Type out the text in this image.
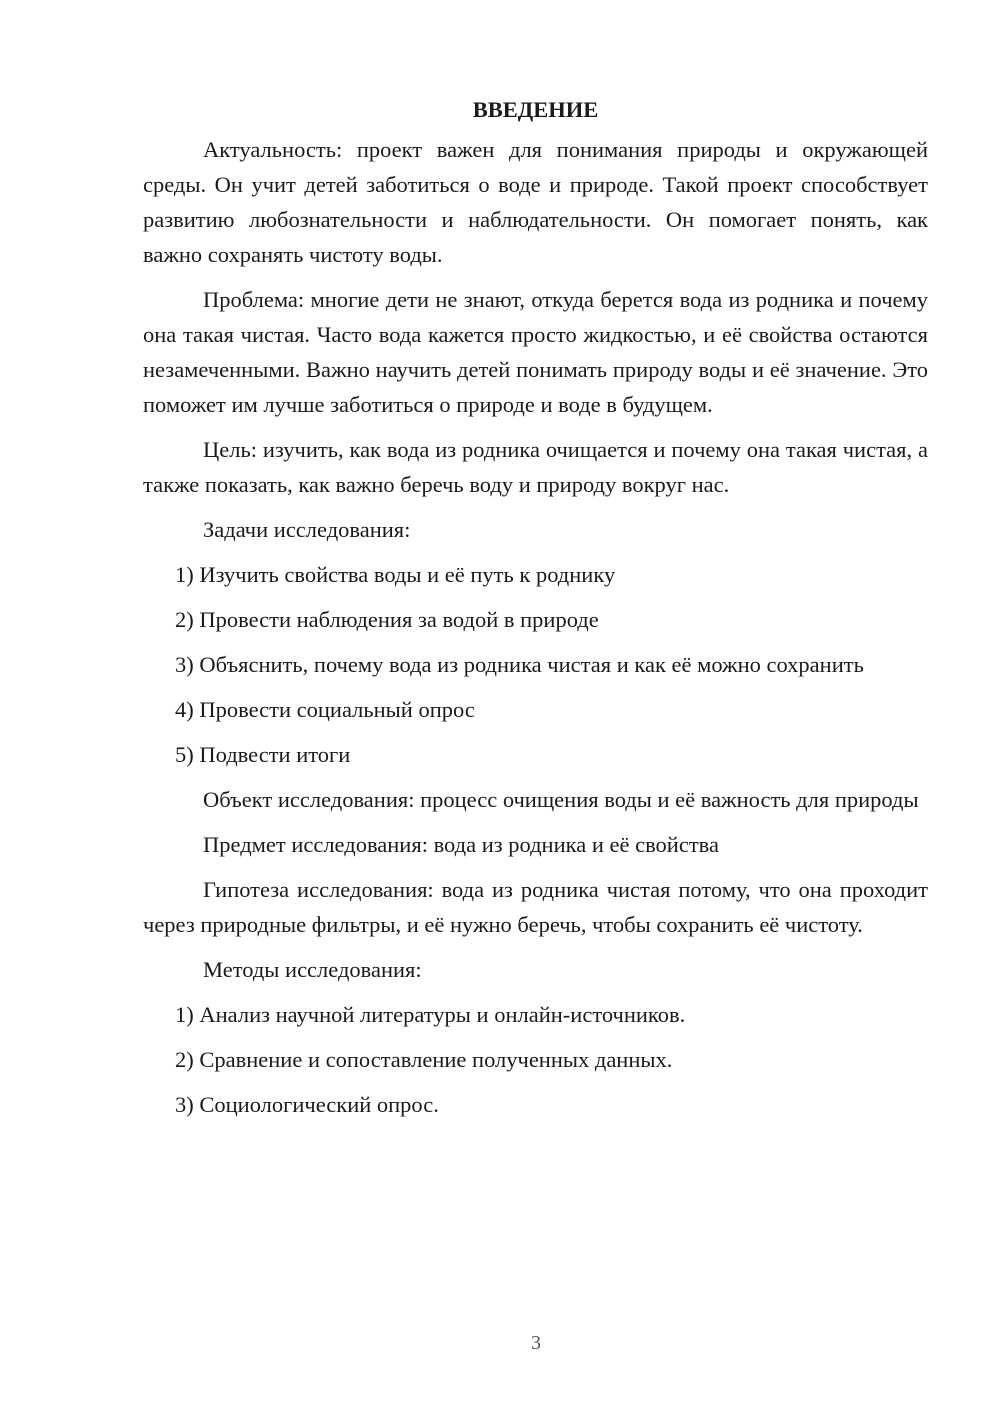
ВВЕДЕНИЕ

Актуальность: проект важен для понимания природы и окружающей среды. Он учит детей заботиться о воде и природе. Такой проект способствует развитию любознательности и наблюдательности. Он помогает понять, как важно сохранять чистоту воды.

Проблема: многие дети не знают, откуда берется вода из родника и почему она такая чистая. Часто вода кажется просто жидкостью, и её свойства остаются незамеченными. Важно научить детей понимать природу воды и её значение. Это поможет им лучше заботиться о природе и воде в будущем.

Цель: изучить, как вода из родника очищается и почему она такая чистая, а также показать, как важно беречь воду и природу вокруг нас.

Задачи исследования:

1) Изучить свойства воды и её путь к роднику

2) Провести наблюдения за водой в природе

3) Объяснить, почему вода из родника чистая и как её можно сохранить

4) Провести социальный опрос

5) Подвести итоги

Объект исследования: процесс очищения воды и её важность для природы

Предмет исследования: вода из родника и её свойства

Гипотеза исследования: вода из родника чистая потому, что она проходит через природные фильтры, и её нужно беречь, чтобы сохранить её чистоту.

Методы исследования:

1) Анализ научной литературы и онлайн-источников.

2) Сравнение и сопоставление полученных данных.

3) Социологический опрос.

3
